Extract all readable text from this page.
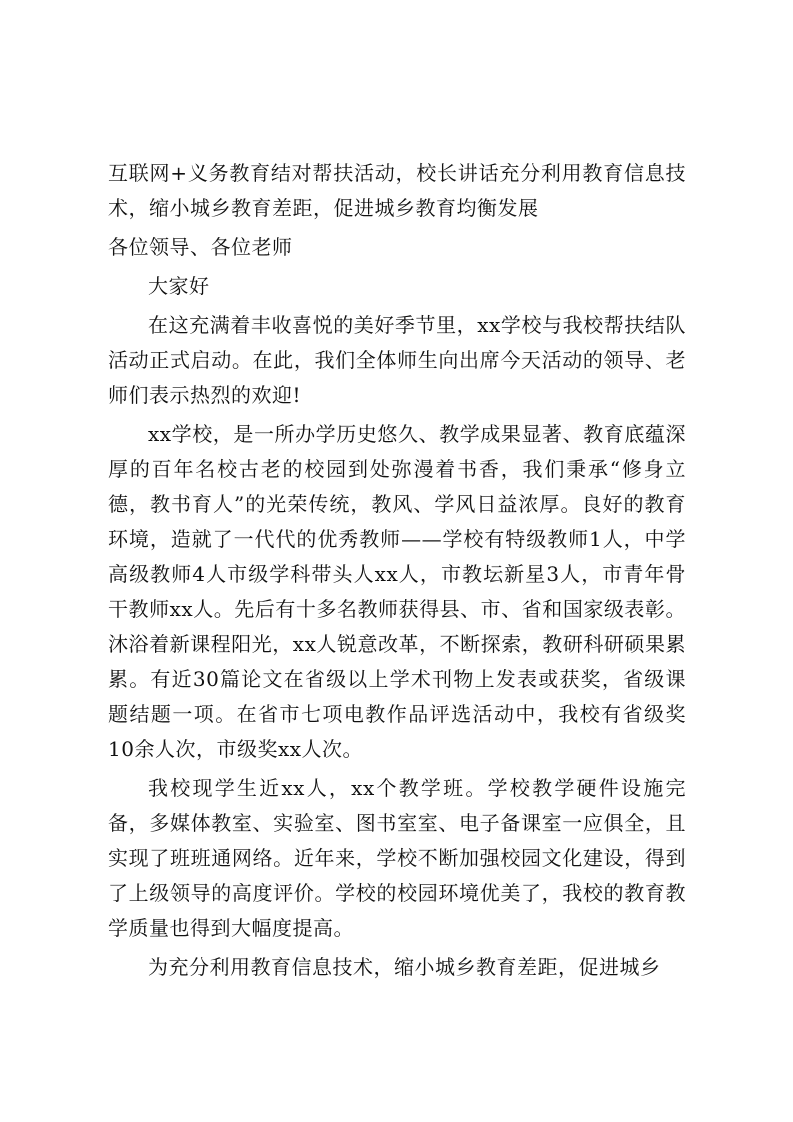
互联网+义务教育结对帮扶活动，校长讲话充分利用教育信息技术，缩小城乡教育差距，促进城乡教育均衡发展

各位领导、各位老师

大家好

在这充满着丰收喜悦的美好季节里，xx学校与我校帮扶结队活动正式启动。在此，我们全体师生向出席今天活动的领导、老师们表示热烈的欢迎!

xx学校，是一所办学历史悠久、教学成果显著、教育底蕴深厚的百年名校古老的校园到处弥漫着书香，我们秉承“修身立德，教书育人”的光荣传统，教风、学风日益浓厚。良好的教育环境，造就了一代代的优秀教师——学校有特级教师1人，中学高级教师4人市级学科带头人xx人，市教坛新星3人，市青年骨干教师xx人。先后有十多名教师获得县、市、省和国家级表彰。沐浴着新课程阳光，xx人锐意改革，不断探索，教研科研硕果累累。有近30篇论文在省级以上学术刊物上发表或获奖，省级课题结题一项。在省市七项电教作品评选活动中，我校有省级奖10余人次，市级奖xx人次。

我校现学生近xx人，xx个教学班。学校教学硬件设施完备，多媒体教室、实验室、图书室室、电子备课室一应俱全，且实现了班班通网络。近年来，学校不断加强校园文化建设，得到了上级领导的高度评价。学校的校园环境优美了，我校的教育教学质量也得到大幅度提高。

为充分利用教育信息技术，缩小城乡教育差距，促进城乡
